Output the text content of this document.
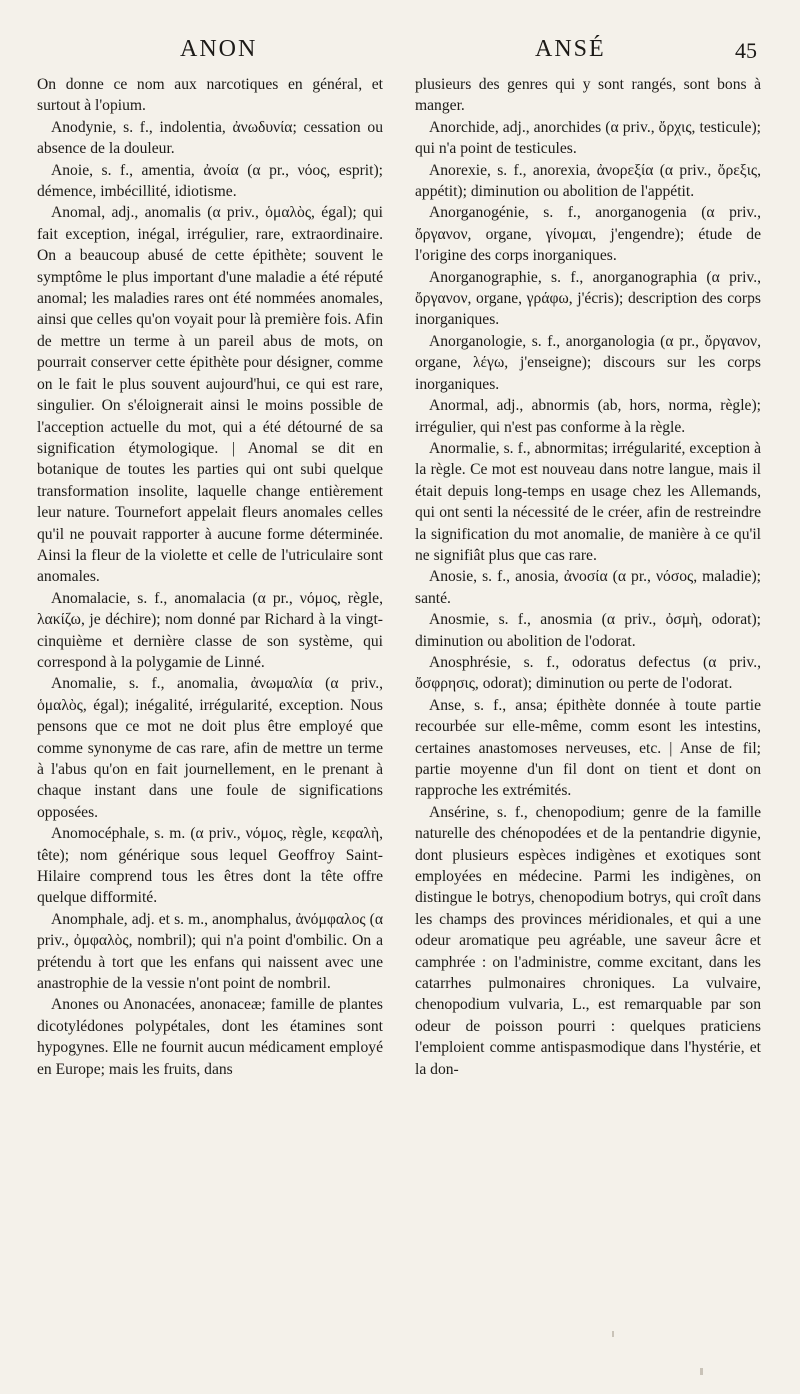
ANON	ANSÉ	45

On donne ce nom aux narcotiques en général, et surtout à l'opium.

Anodynie, s. f., indolentia, ἀνωδυνία; cessation ou absence de la douleur.

Anoie, s. f., amentia, ἀνοία (α pr., νόος, esprit); démence, imbécillité, idiotisme.

Anomal, adj., anomalis (α priv., ὁμαλὸς, égal); qui fait exception, inégal, irrégulier, rare, extraordinaire. On a beaucoup abusé de cette épithète; souvent le symptôme le plus important d'une maladie a été réputé anomal; les maladies rares ont été nommées anomales, ainsi que celles qu'on voyait pour là première fois. Afin de mettre un terme à un pareil abus de mots, on pourrait conserver cette épithète pour désigner, comme on le fait le plus souvent aujourd'hui, ce qui est rare, singulier. On s'éloignerait ainsi le moins possible de l'acception actuelle du mot, qui a été détourné de sa signification étymologique. | Anomal se dit en botanique de toutes les parties qui ont subi quelque transformation insolite, laquelle change entièrement leur nature. Tournefort appelait fleurs anomales celles qu'il ne pouvait rapporter à aucune forme déterminée. Ainsi la fleur de la violette et celle de l'utriculaire sont anomales.

Anomalacie, s. f., anomalacia (α pr., νόμος, règle, λακίζω, je déchire); nom donné par Richard à la vingt-cinquième et dernière classe de son système, qui correspond à la polygamie de Linné.

Anomalie, s. f., anomalia, ἀνωμαλία (α priv., ὁμαλὸς, égal); inégalité, irrégularité, exception. Nous pensons que ce mot ne doit plus être employé que comme synonyme de cas rare, afin de mettre un terme à l'abus qu'on en fait journellement, en le prenant à chaque instant dans une foule de significations opposées.

Anomocéphale, s. m. (α priv., νόμος, règle, κεφαλὴ, tête); nom générique sous lequel Geoffroy Saint-Hilaire comprend tous les êtres dont la tête offre quelque difformité.

Anomphale, adj. et s. m., anomphalus, ἀνόμφαλος (α priv., ὀμφαλὸς, nombril); qui n'a point d'ombilic. On a prétendu à tort que les enfans qui naissent avec une anastrophie de la vessie n'ont point de nombril.

Anones ou Anonacées, anonaceæ; famille de plantes dicotylédones polypétales, dont les étamines sont hypogynes. Elle ne fournit aucun médicament employé en Europe; mais les fruits, dans

plusieurs des genres qui y sont rangés, sont bons à manger.

Anorchide, adj., anorchides (α priv., ὄρχις, testicule); qui n'a point de testicules.

Anorexie, s. f., anorexia, ἀνορεξία (α priv., ὄρεξις, appétit); diminution ou abolition de l'appétit.

Anorganogénie, s. f., anorganogenia (α priv., ὄργανον, organe, γίνομαι, j'engendre); étude de l'origine des corps inorganiques.

Anorganographie, s. f., anorganographia (α priv., ὄργανον, organe, γράφω, j'écris); description des corps inorganiques.

Anorganologie, s. f., anorganologia (α pr., ὄργανον, organe, λέγω, j'enseigne); discours sur les corps inorganiques.

Anormal, adj., abnormis (ab, hors, norma, règle); irrégulier, qui n'est pas conforme à la règle.

Anormalie, s. f., abnormitas; irrégularité, exception à la règle. Ce mot est nouveau dans notre langue, mais il était depuis long-temps en usage chez les Allemands, qui ont senti la nécessité de le créer, afin de restreindre la signification du mot anomalie, de manière à ce qu'il ne signifiât plus que cas rare.

Anosie, s. f., anosia, ἀνοσία (α pr., νόσος, maladie); santé.

Anosmie, s. f., anosmia (α priv., ὀσμὴ, odorat); diminution ou abolition de l'odorat.

Anosphrésie, s. f., odoratus defectus (α priv., ὄσφρησις, odorat); diminution ou perte de l'odorat.

Anse, s. f., ansa; épithète donnée à toute partie recourbée sur elle-même, comm esont les intestins, certaines anastomoses nerveuses, etc. | Anse de fil; partie moyenne d'un fil dont on tient et dont on rapproche les extrémités.

Ansérine, s. f., chenopodium; genre de la famille naturelle des chénopodées et de la pentandrie digynie, dont plusieurs espèces indigènes et exotiques sont employées en médecine. Parmi les indigènes, on distingue le botrys, chenopodium botrys, qui croît dans les champs des provinces méridionales, et qui a une odeur aromatique peu agréable, une saveur âcre et camphrée : on l'administre, comme excitant, dans les catarrhes pulmonaires chroniques. La vulvaire, chenopodium vulvaria, L., est remarquable par son odeur de poisson pourri : quelques praticiens l'emploient comme antispasmodique dans l'hystérie, et la don-
